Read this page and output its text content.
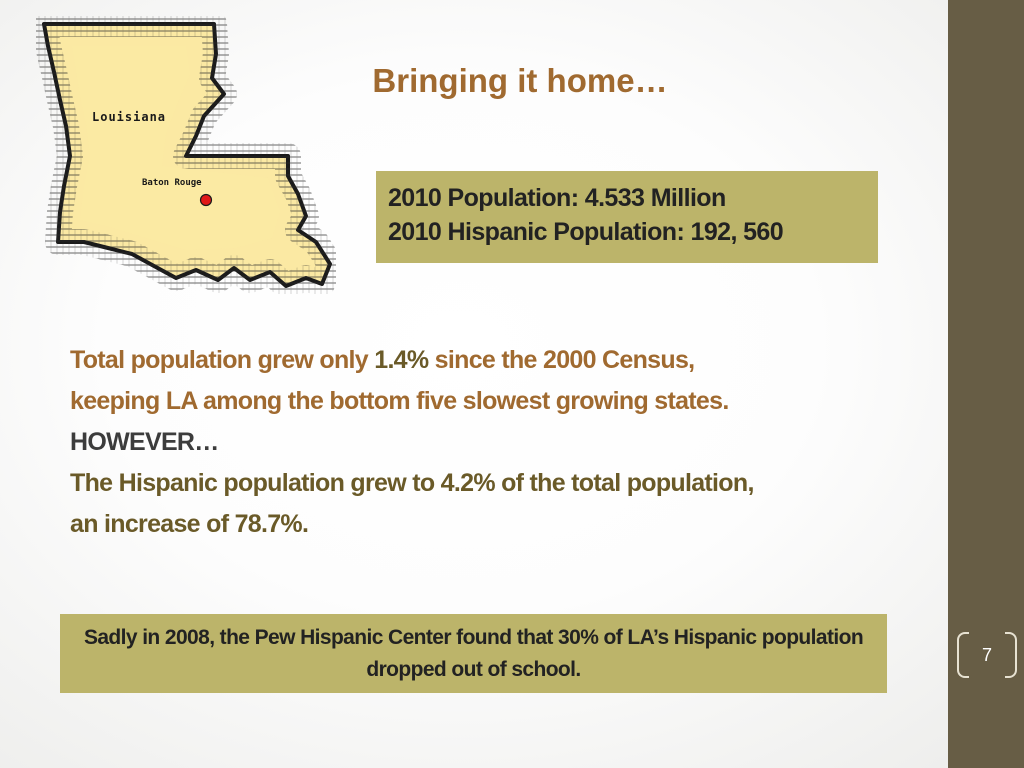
Louisiana
Baton Rouge
Bringing it home…
2010 Population: 4.533 Million
2010 Hispanic Population: 192, 560
Total population grew only 1.4% since the 2000 Census,
keeping LA among the bottom five slowest growing states.
HOWEVER…
The Hispanic population grew to 4.2% of the total population,
an increase of 78.7%.
Sadly in 2008, the Pew Hispanic Center found that 30% of LA’s Hispanic population dropped out of school.
7
